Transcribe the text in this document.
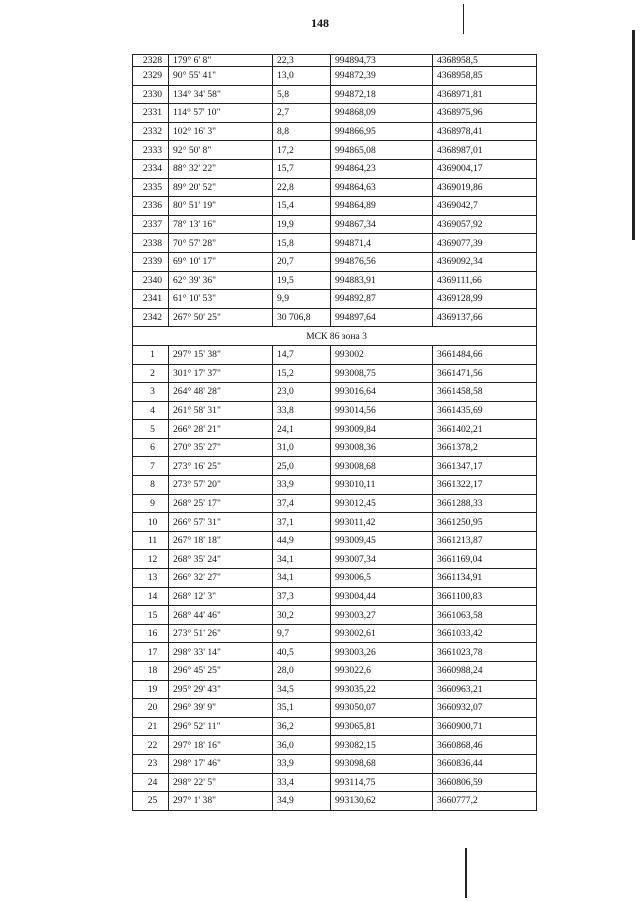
148
2328	179° 6' 8"	22,3	994894,73	4368958,5
2329	90° 55' 41"	13,0	994872,39	4368958,85
2330	134° 34' 58"	5,8	994872,18	4368971,81
2331	114° 57' 10"	2,7	994868,09	4368975,96
2332	102° 16' 3"	8,8	994866,95	4368978,41
2333	92° 50' 8"	17,2	994865,08	4368987,01
2334	88° 32' 22"	15,7	994864,23	4369004,17
2335	89° 20' 52"	22,8	994864,63	4369019,86
2336	80° 51' 19"	15,4	994864,89	4369042,7
2337	78° 13' 16"	19,9	994867,34	4369057,92
2338	70° 57' 28"	15,8	994871,4	4369077,39
2339	69° 10' 17"	20,7	994876,56	4369092,34
2340	62° 39' 36"	19,5	994883,91	4369111,66
2341	61° 10' 53"	9,9	994892,87	4369128,99
2342	267° 50' 25"	30 706,8	994897,64	4369137,66
МСК 86 зона 3				
1	297° 15' 38"	14,7	993002	3661484,66
2	301° 17' 37"	15,2	993008,75	3661471,56
3	264° 48' 28"	23,0	993016,64	3661458,58
4	261° 58' 31"	33,8	993014,56	3661435,69
5	266° 28' 21"	24,1	993009,84	3661402,21
6	270° 35' 27"	31,0	993008,36	3661378,2
7	273° 16' 25"	25,0	993008,68	3661347,17
8	273° 57' 20"	33,9	993010,11	3661322,17
9	268° 25' 17"	37,4	993012,45	3661288,33
10	266° 57' 31"	37,1	993011,42	3661250,95
11	267° 18' 18"	44,9	993009,45	3661213,87
12	268° 35' 24"	34,1	993007,34	3661169,04
13	266° 32' 27"	34,1	993006,5	3661134,91
14	268° 12' 3"	37,3	993004,44	3661100,83
15	268° 44' 46"	30,2	993003,27	3661063,58
16	273° 51' 26"	9,7	993002,61	3661033,42
17	298° 33' 14"	40,5	993003,26	3661023,78
18	296° 45' 25"	28,0	993022,6	3660988,24
19	295° 29' 43"	34,5	993035,22	3660963,21
20	296° 39' 9"	35,1	993050,07	3660932,07
21	296° 52' 11"	36,2	993065,81	3660900,71
22	297° 18' 16"	36,0	993082,15	3660868,46
23	298° 17' 46"	33,9	993098,68	3660836,44
24	298° 22' 5"	33,4	993114,75	3660806,59
25	297° 1' 38"	34,9	993130,62	3660777,2
